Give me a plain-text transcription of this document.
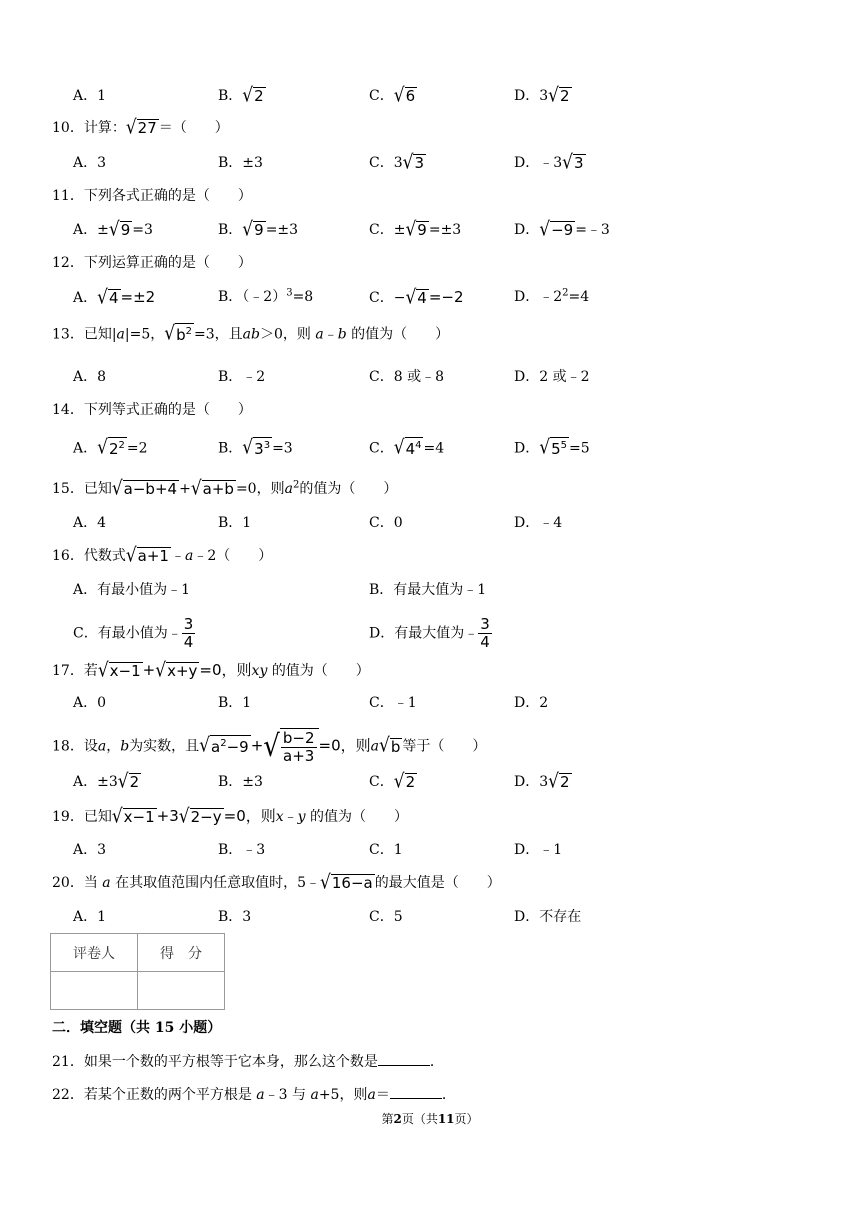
A．1	B．√2	C．√6	D．3√2
10．计算：√27 ＝（　　）
A．3	B．±3	C．3√3	D．﹣3√3
11．下列各式正确的是（　　）
A．±√9 =3	B．√9 =±3	C．±√9 =±3	D．√−9 =﹣3
12．下列运算正确的是（　　）
A．√4 =±2	B．（﹣2）$^3$=8	C．−√4 =−2	D．$﹣2^2=4$
13．已知|a|=5，$√b^2 =3$，且ab＞0，则 a﹣b 的值为（　　）
A．8	B．﹣2	C．8 或﹣8	D．2 或﹣2
14．下列等式正确的是（　　）
A．$√2^2 =2$	B．$√3^3 =3$	C．$√4^4 =4$	D．$√5^5 =5$
15．已知√a−b+4 +√a+b =0，则$a^2$的值为（　　）
A．4	B．1	C．0	D．﹣4
16．代数式√a+1 ﹣a﹣2（　　）
A．有最小值为﹣1	B．有最大值为﹣1
C．有最小值为﹣ $\frac{3}{4}$	D．有最大值为﹣ $\frac{3}{4}$
17．若√x−1 +√x+y =0，则xy 的值为（　　）
A．0	B．1	C．﹣1	D．2
18．设a，b为实数，且$√a^2-9$ +√ $\frac{b-2}{a+3} =0$，则a√b 等于（　　）
A．±3√2	B．±3	C．√2	D．3√2
19．已知√x−1 +3√2−y =0，则x﹣y 的值为（　　）
A．3	B．﹣3	C．1	D．﹣1
20．当 a 在其取值范围内任意取值时，5﹣√16−a 的最大值是（　　）
A．1	B．3	C．5	D．不存在
评卷人	得　分

二．填空题（共 15 小题）
21．如果一个数的平方根等于它本身，那么这个数是	．
22．若某个正数的两个平方根是 a﹣3 与 a+5，则a＝	．
第2页（共11页）
